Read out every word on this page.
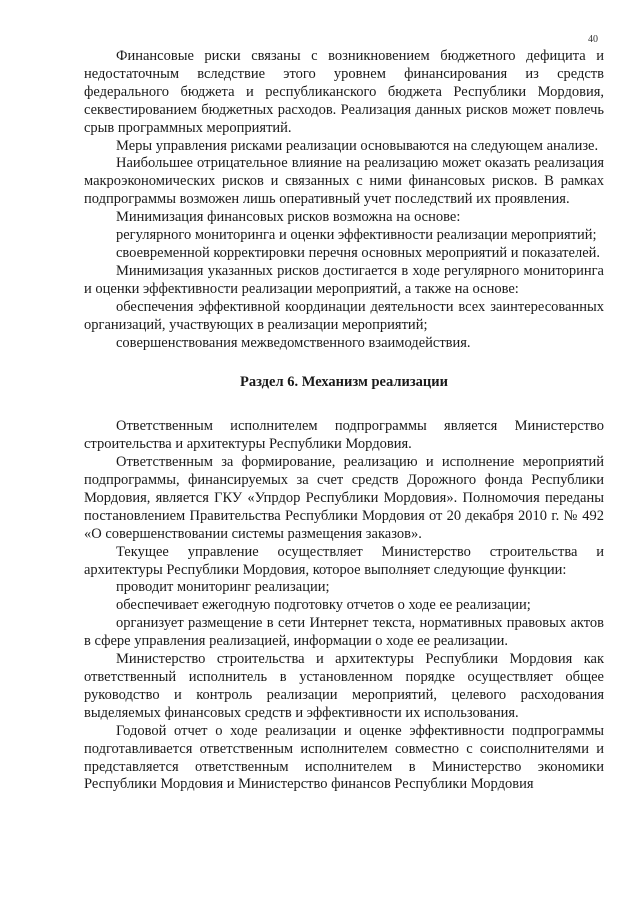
40

Финансовые риски связаны с возникновением бюджетного дефицита и недостаточным вследствие этого уровнем финансирования из средств федерального бюджета и республиканского бюджета Республики Мордовия, секвестированием бюджетных расходов. Реализация данных рисков может повлечь срыв программных мероприятий.

Меры управления рисками реализации основываются на следующем анализе.

Наибольшее отрицательное влияние на реализацию может оказать реализация макроэкономических рисков и связанных с ними финансовых рисков. В рамках подпрограммы возможен лишь оперативный учет последствий их проявления.

Минимизация финансовых рисков возможна на основе:

регулярного мониторинга и оценки эффективности реализации мероприятий;

своевременной корректировки перечня основных мероприятий и показателей.

Минимизация указанных рисков достигается в ходе регулярного мониторинга и оценки эффективности реализации мероприятий, а также на основе:

обеспечения эффективной координации деятельности всех заинтересованных организаций, участвующих в реализации мероприятий;

совершенствования межведомственного взаимодействия.

Раздел 6. Механизм реализации

Ответственным исполнителем подпрограммы является Министерство строительства и архитектуры Республики Мордовия.

Ответственным за формирование, реализацию и исполнение мероприятий подпрограммы, финансируемых за счет средств Дорожного фонда Республики Мордовия, является ГКУ «Упрдор Республики Мордовия». Полномочия переданы постановлением Правительства Республики Мордовия от 20 декабря 2010 г. № 492 «О совершенствовании системы размещения заказов».

Текущее управление осуществляет Министерство строительства и архитектуры Республики Мордовия, которое выполняет следующие функции:

проводит мониторинг реализации;

обеспечивает ежегодную подготовку отчетов о ходе ее реализации;

организует размещение в сети Интернет текста, нормативных правовых актов в сфере управления реализацией, информации о ходе ее реализации.

Министерство строительства и архитектуры Республики Мордовия как ответственный исполнитель в установленном порядке осуществляет общее руководство и контроль реализации мероприятий, целевого расходования выделяемых финансовых средств и эффективности их использования.

Годовой отчет о ходе реализации и оценке эффективности подпрограммы подготавливается ответственным исполнителем совместно с соисполнителями и представляется ответственным исполнителем в Министерство экономики Республики Мордовия и Министерство финансов Республики Мордовия
